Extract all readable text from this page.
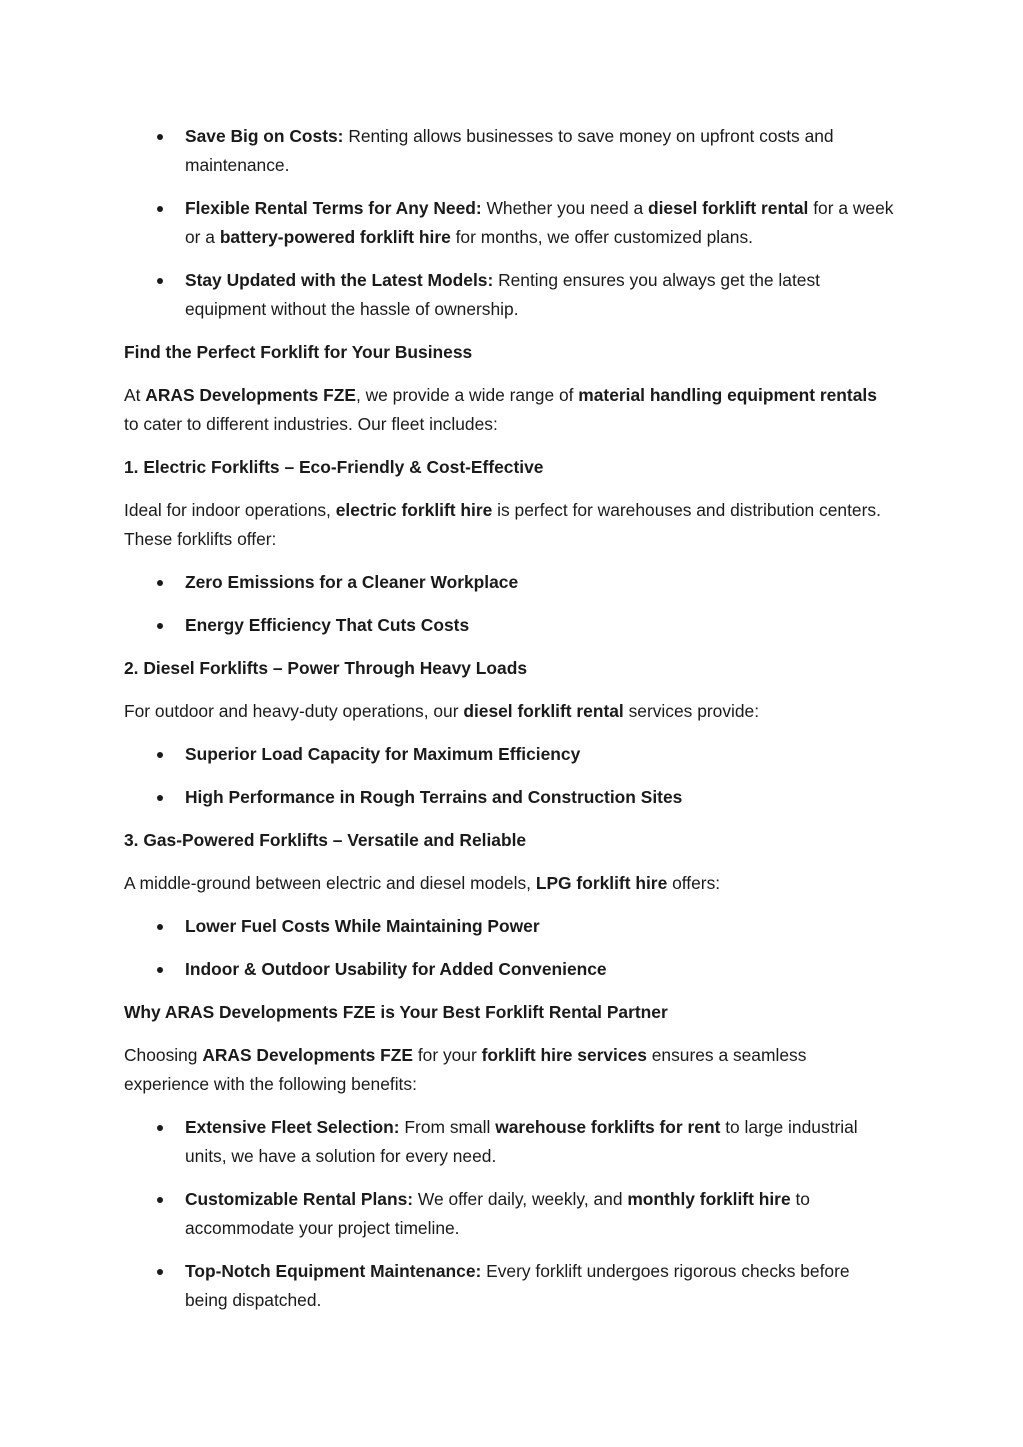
Save Big on Costs: Renting allows businesses to save money on upfront costs and maintenance.
Flexible Rental Terms for Any Need: Whether you need a diesel forklift rental for a week or a battery-powered forklift hire for months, we offer customized plans.
Stay Updated with the Latest Models: Renting ensures you always get the latest equipment without the hassle of ownership.

Find the Perfect Forklift for Your Business

At ARAS Developments FZE, we provide a wide range of material handling equipment rentals to cater to different industries. Our fleet includes:

1. Electric Forklifts – Eco-Friendly & Cost-Effective

Ideal for indoor operations, electric forklift hire is perfect for warehouses and distribution centers. These forklifts offer:

Zero Emissions for a Cleaner Workplace
Energy Efficiency That Cuts Costs

2. Diesel Forklifts – Power Through Heavy Loads

For outdoor and heavy-duty operations, our diesel forklift rental services provide:

Superior Load Capacity for Maximum Efficiency
High Performance in Rough Terrains and Construction Sites

3. Gas-Powered Forklifts – Versatile and Reliable

A middle-ground between electric and diesel models, LPG forklift hire offers:

Lower Fuel Costs While Maintaining Power
Indoor & Outdoor Usability for Added Convenience

Why ARAS Developments FZE is Your Best Forklift Rental Partner

Choosing ARAS Developments FZE for your forklift hire services ensures a seamless experience with the following benefits:

Extensive Fleet Selection: From small warehouse forklifts for rent to large industrial units, we have a solution for every need.
Customizable Rental Plans: We offer daily, weekly, and monthly forklift hire to accommodate your project timeline.
Top-Notch Equipment Maintenance: Every forklift undergoes rigorous checks before being dispatched.
